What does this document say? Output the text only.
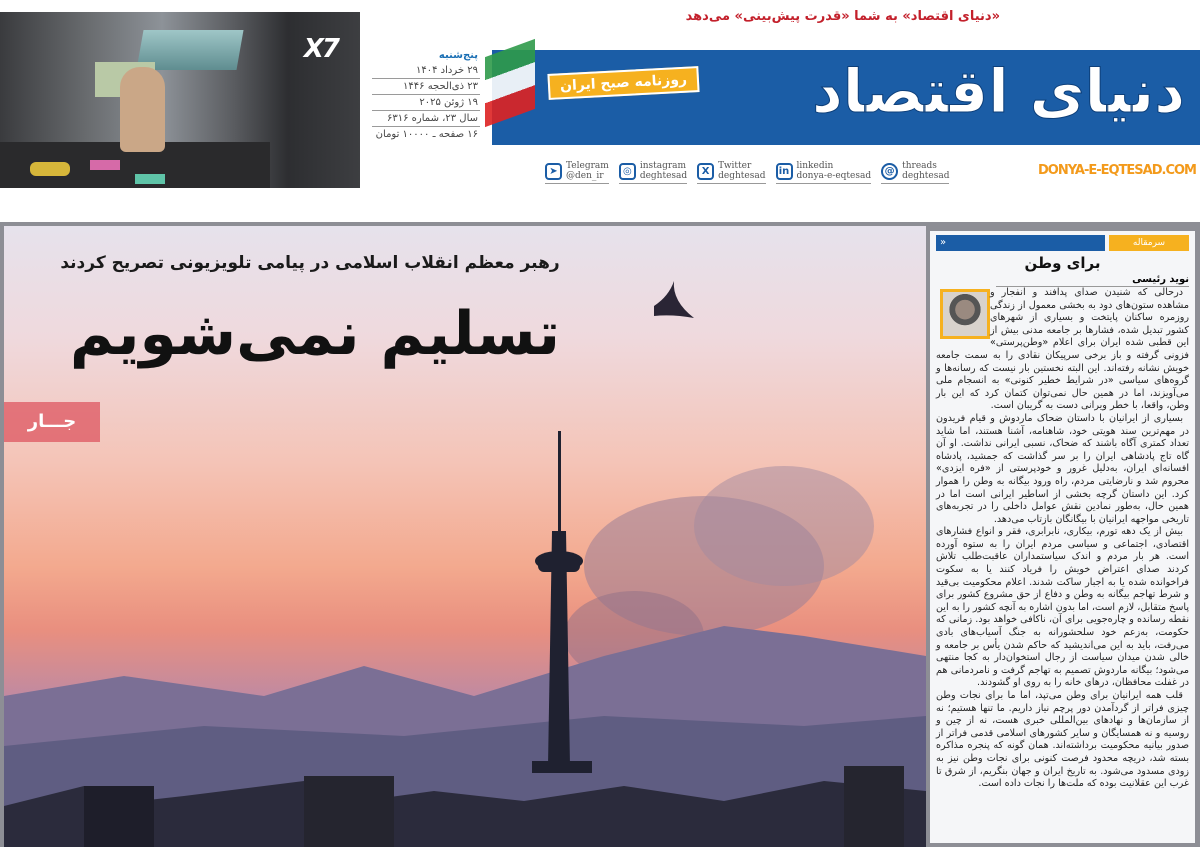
X7
«دنیای اقتصاد» به شما «قدرت پیش‌بینی» می‌دهد
دنیای اقتصاد
روزنامه صبح ایران
پنج‌شنبه
۲۹ خرداد ۱۴۰۴
۲۳ ذی‌الحجه ۱۴۴۶
۱۹ ژوئن ۲۰۲۵
سال ۲۳، شماره ۶۳۱۶
۱۶ صفحه ـ ۱۰۰۰۰ تومان
➤ Telegram
@den_ir	◎ instagram
deghtesad	X Twitter
deghtesad	in linkedin
donya-e-eqtesad	@ threads
deghtesad	DONYA-E-EQTESAD.COM
رهبر معظم انقلاب اسلامی در پیامی تلویزیونی تصریح کردند
تسلیم نمی‌شویم
جـــار
سرمقاله
«
برای وطن
نوید رئیسی

درحالی که شنیدن صدای پدافند و انفجار و مشاهده ستون‌های دود به بخشی معمول از زندگی روزمره ساکنان پایتخت و بسیاری از شهرهای کشور تبدیل شده، فشارها بر جامعه مدنی بیش از این قطبی شده ایران برای اعلام «وطن‌پرستی» فزونی گرفته و باز برخی سرپیکان نقادی را به سمت جامعه خویش نشانه رفته‌اند. این البته نخستین بار نیست که رسانه‌ها و گروه‌های سیاسی «در شرایط خطیر کنونی» به انسجام ملی می‌آویزند، اما در همین حال نمی‌توان کتمان کرد که این بار وطن، واقعا، با خطر ویرانی دست به گریبان است.

بسیاری از ایرانیان با داستان ضحاک ماردوش و قیام فریدون در مهم‌ترین سند هویتی خود، شاهنامه، آشنا هستند، اما شاید تعداد کمتری آگاه باشند که ضحاک، نسبی ایرانی نداشت. او آن گاه تاج پادشاهی ایران را بر سر گذاشت که جمشید، پادشاه افسانه‌ای ایران، به‌دلیل غرور و خودپرستی از «فره ایزدی» محروم شد و نارضایتی مردم، راه ورود بیگانه به وطن را هموار کرد. این داستان گرچه بخشی از اساطیر ایرانی است اما در همین حال، به‌طور نمادین نقش عوامل داخلی را در تجربه‌های تاریخی مواجهه ایرانیان با بیگانگان بازتاب می‌دهد.

بیش از یک دهه تورم، بیکاری، نابرابری، فقر و انواع فشارهای اقتصادی، اجتماعی و سیاسی مردم ایران را به ستوه آورده است. هر بار مردم و اندک سیاستمداران عاقبت‌طلب تلاش کردند صدای اعتراض خویش را فریاد کنند یا به سکوت فراخوانده شده یا به اجبار ساکت شدند. اعلام محکومیت بی‌قید و شرط تهاجم بیگانه به وطن و دفاع از حق مشروع کشور برای پاسخ متقابل، لازم است، اما بدون اشاره به آنچه کشور را به این نقطه رسانده و چاره‌جویی برای آن، ناکافی خواهد بود. زمانی که حکومت، به‌زعم خود سلحشورانه به جنگ آسیاب‌های بادی می‌رفت، باید به این می‌اندیشید که حاکم شدن یأس بر جامعه و خالی شدن میدان سیاست از رجال استخوان‌دار به کجا منتهی می‌شود؛ بیگانه ماردوش تصمیم به تهاجم گرفت و نامردمانی هم در غفلت محافظان، درهای خانه را به روی او گشودند.

قلب همه ایرانیان برای وطن می‌تپد، اما ما برای نجات وطن چیزی فراتر از گردآمدن دور پرچم نیاز داریم. ما تنها هستیم؛ نه از سازمان‌ها و نهادهای بین‌المللی خبری هست، نه از چین و روسیه و نه همسایگان و سایر کشورهای اسلامی قدمی فراتر از صدور بیانیه محکومیت برداشته‌اند. همان گونه که پنجره مذاکره بسته شد، دریچه محدود فرصت کنونی برای نجات وطن نیز به زودی مسدود می‌شود. به تاریخ ایران و جهان بنگریم، از شرق تا غرب این عقلانیت بوده که ملت‌ها را نجات داده است.
